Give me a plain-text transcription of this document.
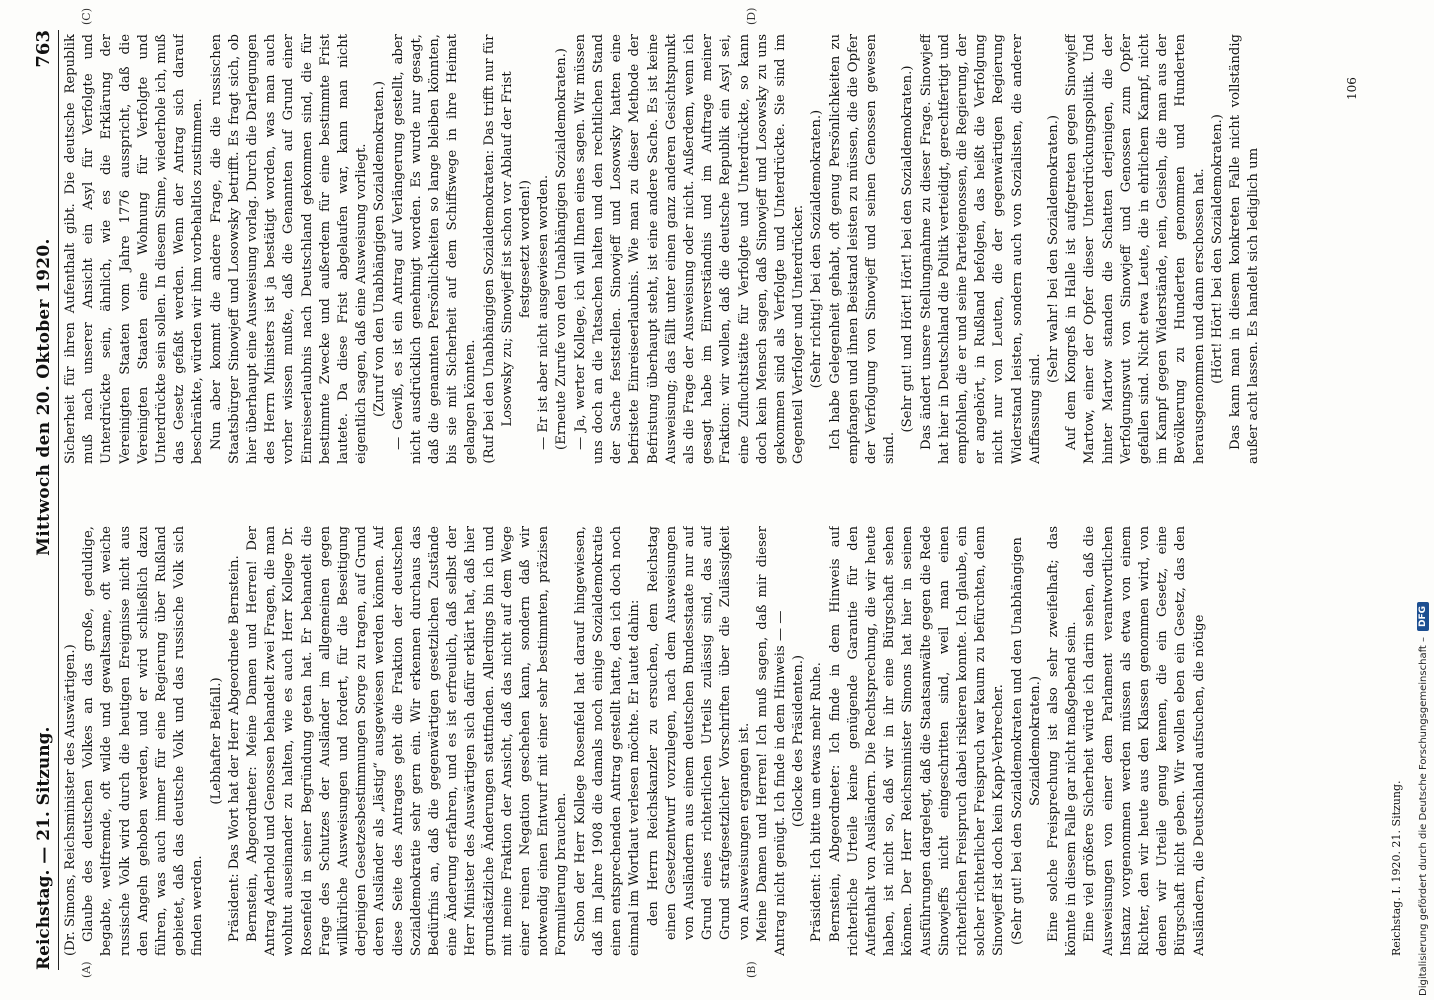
Reichstag. — 21. Sitzung.
Mittwoch den 20. Oktober 1920.
763
(A)	(B)
(C)	(D)

(Dr. Simons, Reichsminister des Auswärtigen.) Glaube des deutschen Volkes an das große, geduldige, begabte, weltfremde, oft wilde und gewaltsame, oft weiche russische Volk wird durch die heutigen Ereignisse nicht aus den Angeln gehoben werden, und er wird schließlich dazu führen, was auch immer für eine Regierung über Rußland gebietet, daß das deutsche Volk und das russische Volk sich finden werden.

(Lebhafter Beifall.) Präsident: Das Wort hat der Herr Abgeordnete Bernstein. Bernstein, Abgeordneter: Meine Damen und Herren! Der Antrag Aderhold und Genossen behandelt zwei Fragen, die man wohltut auseinander zu halten, wie es auch Herr Kollege Dr. Rosenfeld in seiner Begründung getan hat. Er behandelt die Frage des Schutzes der Ausländer im allgemeinen gegen willkürliche Ausweisungen und fordert, für die Beseitigung derjenigen Gesetzesbestimmungen Sorge zu tragen, auf Grund deren Ausländer als „lästig“ ausgewiesen werden können. Auf diese Seite des Antrages geht die Fraktion der deutschen Sozialdemokratie sehr gern ein. Wir erkennen durchaus das Bedürfnis an, daß die gegenwärtigen gesetzlichen Zustände eine Änderung erfahren, und es ist erfreulich, daß selbst der Herr Minister des Auswärtigen sich dafür erklärt hat, daß hier grundsätzliche Änderungen stattfinden. Allerdings bin ich und mit meine Fraktion der Ansicht, daß das nicht auf dem Wege einer reinen Negation geschehen kann, sondern daß wir notwendig einen Entwurf mit einer sehr bestimmten, präzisen Formulierung brauchen. Schon der Herr Kollege Rosenfeld hat darauf hingewiesen, daß im Jahre 1908 die damals noch einige Sozialdemokratie einen entsprechenden Antrag gestellt hatte, den ich doch noch einmal im Wortlaut verlesen möchte. Er lautet dahin: den Herrn Reichskanzler zu ersuchen, dem Reichstag einen Gesetzentwurf vorzulegen, nach dem Ausweisungen von Ausländern aus einem deutschen Bundesstaate nur auf Grund eines richterlichen Urteils zulässig sind, das auf Grund strafgesetzlicher Vorschriften über die Zulässigkeit von Ausweisungen ergangen ist. Meine Damen und Herren! Ich muß sagen, daß mir dieser Antrag nicht genügt. Ich finde in dem Hinweis — — (Glocke des Präsidenten.) Präsident: Ich bitte um etwas mehr Ruhe. Bernstein, Abgeordneter: Ich finde in dem Hinweis auf richterliche Urteile keine genügende Garantie für den Aufenthalt von Ausländern. Die Rechtsprechung, die wir heute haben, ist nicht so, daß wir in ihr eine Bürgschaft sehen können. Der Herr Reichsminister Simons hat hier in seinen Ausführungen dargelegt, daß die Staatsanwälte gegen die Rede Sinowjeffs nicht eingeschritten sind, weil man einen richterlichen Freispruch dabei riskieren konnte. Ich glaube, ein solcher richterlicher Freispruch war kaum zu befürchten, denn Sinowjeff ist doch kein Kapp-Verbrecher. (Sehr gut! bei den Sozialdemokraten und den Unabhängigen Sozialdemokraten.) Eine solche Freisprechung ist also sehr zweifelhaft; das könnte in diesem Falle gar nicht maßgebend sein. Eine viel größere Sicherheit würde ich darin sehen, daß die Ausweisungen von einer dem Parlament verantwortlichen Instanz vorgenommen werden müssen als etwa von einem Richter, den wir heute aus den Klassen genommen wird, von denen wir Urteile genug kennen, die ein Gesetz, eine Bürgschaft nicht geben. Wir wollen eben ein Gesetz, das den Ausländern, die Deutschland aufsuchen, die nötige

Sicherheit für ihren Aufenthalt gibt. Die deutsche Republik muß nach unserer Ansicht ein Asyl für Verfolgte und Unterdrückte sein, ähnlich, wie es die Erklärung der Vereinigten Staaten vom Jahre 1776 ausspricht, daß die Vereinigten Staaten eine Wohnung für Verfolgte und Unterdrückte sein sollen. In diesem Sinne, wiederhole ich, muß das Gesetz gefaßt werden. Wenn der Antrag sich darauf beschränkte, würden wir ihm vorbehaltlos zustimmen. Nun aber kommt die andere Frage, die die russischen Staatsbürger Sinowjeff und Losowsky betrifft. Es fragt sich, ob hier überhaupt eine Ausweisung vorlag. Durch die Darlegungen des Herrn Ministers ist ja bestätigt worden, was man auch vorher wissen mußte, daß die Genannten auf Grund einer Einreiseerlaubnis nach Deutschland gekommen sind, die für bestimmte Zwecke und außerdem für eine bestimmte Frist lautete. Da diese Frist abgelaufen war, kann man nicht eigentlich sagen, daß eine Ausweisung vorliegt. (Zuruf von den Unabhängigen Sozialdemokraten.) — Gewiß, es ist ein Antrag auf Verlängerung gestellt, aber nicht ausdrücklich genehmigt worden. Es wurde nur gesagt, daß die genannten Persönlichkeiten so lange bleiben könnten, bis sie mit Sicherheit auf dem Schiffswege in ihre Heimat gelangen könnten. (Ruf bei den Unabhängigen Sozialdemokraten: Das trifft nur für Losowsky zu; Sinowjeff ist schon vor Ablauf der Frist festgesetzt worden!) — Er ist aber nicht ausgewiesen worden. (Erneute Zurufe von den Unabhängigen Sozialdemokraten.) — Ja, werter Kollege, ich will Ihnen eines sagen. Wir müssen uns doch an die Tatsachen halten und den rechtlichen Stand der Sache feststellen. Sinowjeff und Losowsky hatten eine befristete Einreiseerlaubnis. Wie man zu dieser Methode der Befristung überhaupt steht, ist eine andere Sache. Es ist keine Ausweisung; das fällt unter einen ganz anderen Gesichtspunkt als die Frage der Ausweisung oder nicht. Außerdem, wenn ich gesagt habe im Einverständnis und im Auftrage meiner Fraktion: wir wollen, daß die deutsche Republik ein Asyl sei, eine Zufluchtstätte für Verfolgte und Unterdrückte, so kann doch kein Mensch sagen, daß Sinowjeff und Losowsky zu uns gekommen sind als Verfolgte und Unterdrückte. Sie sind im Gegenteil Verfolger und Unterdrücker. (Sehr richtig! bei den Sozialdemokraten.) Ich habe Gelegenheit gehabt, oft genug Persönlichkeiten zu empfangen und ihnen Beistand leisten zu müssen, die die Opfer der Verfolgung von Sinowjeff und seinen Genossen gewesen sind.

(Sehr gut! und Hört! Hört! bei den Sozialdemokraten.) Das ändert unsere Stellungnahme zu dieser Frage. Sinowjeff hat hier in Deutschland die Politik verteidigt, gerechtfertigt und empfohlen, die er und seine Parteigenossen, die Regierung, der er angehört, in Rußland befolgen, das heißt die Verfolgung nicht nur von Leuten, die der gegenwärtigen Regierung Widerstand leisten, sondern auch von Sozialisten, die anderer Auffassung sind.

(Sehr wahr! bei den Sozialdemokraten.) Auf dem Kongreß in Halle ist aufgetreten gegen Sinowjeff Martow, einer der Opfer dieser Unterdrückungspolitik. Und hinter Martow standen die Schatten derjenigen, die der Verfolgungswut von Sinowjeff und Genossen zum Opfer gefallen sind. Nicht etwa Leute, die in ehrlichem Kampf, nicht im Kampf gegen Widerstände, nein, Geiseln, die man aus der Bevölkerung zu Hunderten genommen und Hunderten herausgenommen und dann erschossen hat. (Hört! Hört! bei den Sozialdemokraten.) Das kann man in diesem konkreten Falle nicht vollständig außer acht lassen. Es handelt sich lediglich um

Reichstag. I. 1920. 21. Sitzung.
106
Digitalisierung gefördert durch die Deutsche Forschungsgemeinschaft –
DFG
